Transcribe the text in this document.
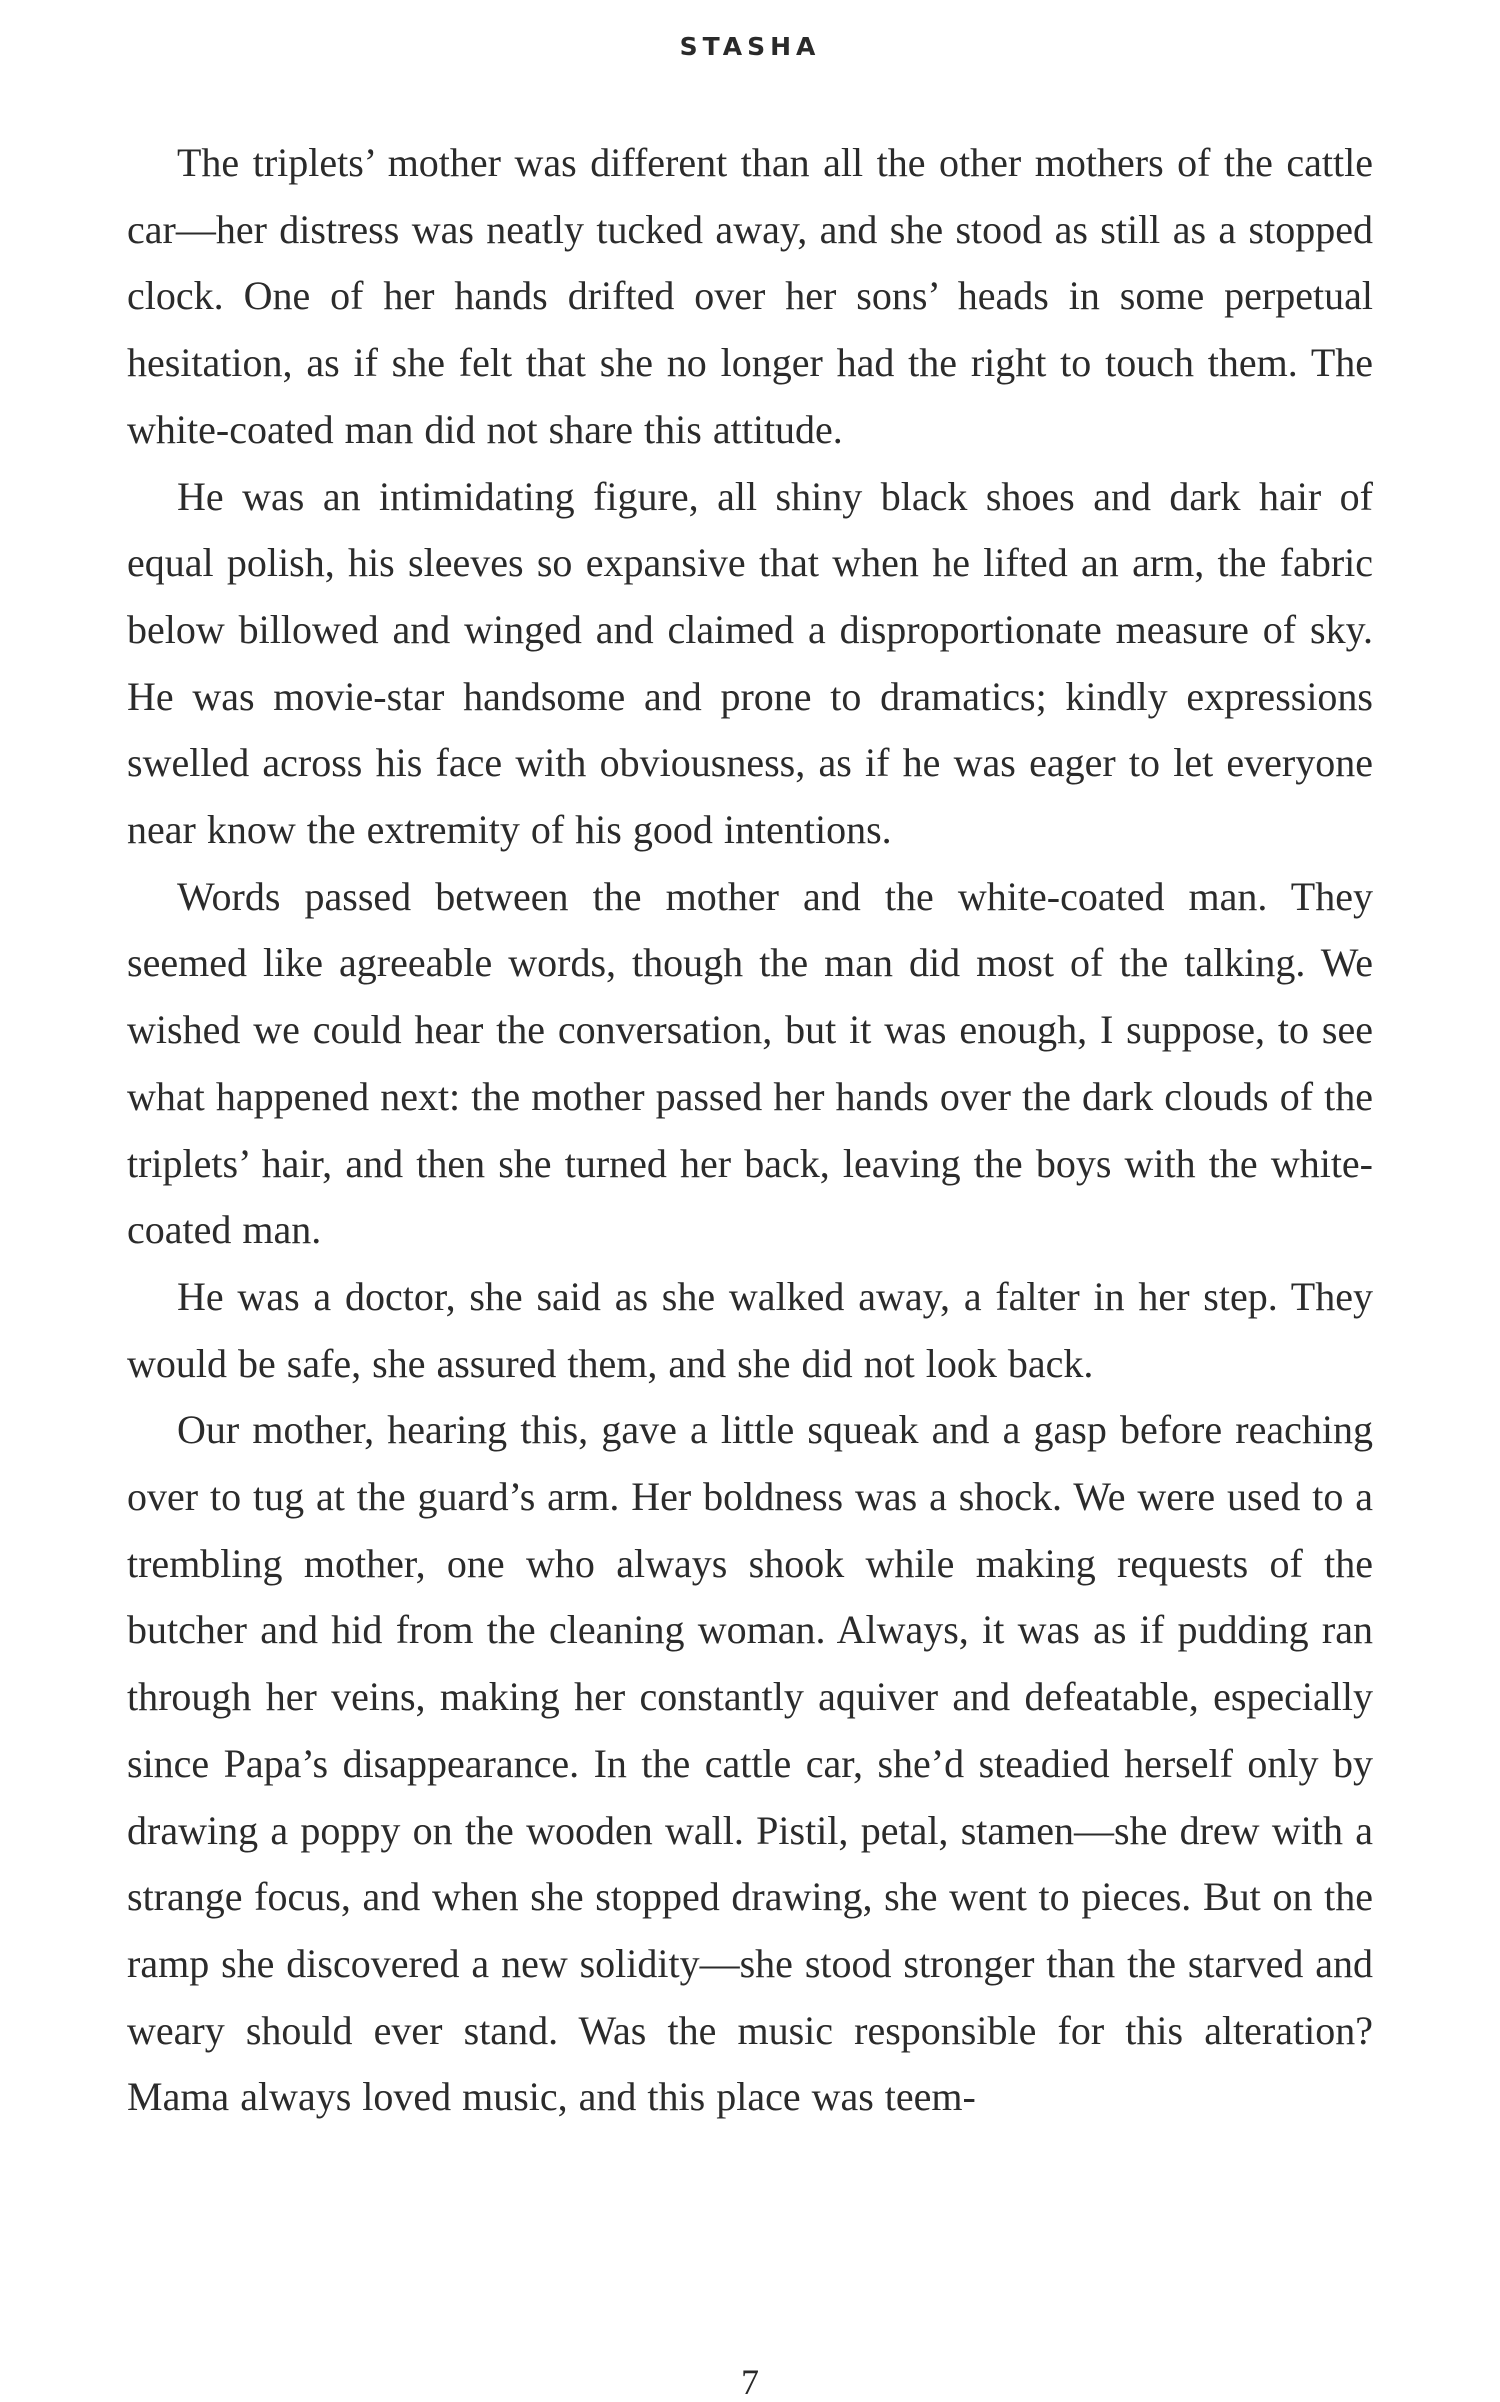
STASHA

The triplets’ mother was different than all the other mothers of the cattle car—her distress was neatly tucked away, and she stood as still as a stopped clock. One of her hands drifted over her sons’ heads in some perpetual hesitation, as if she felt that she no longer had the right to touch them. The white-coated man did not share this attitude.

He was an intimidating figure, all shiny black shoes and dark hair of equal polish, his sleeves so expansive that when he lifted an arm, the fabric below billowed and winged and claimed a disproportionate measure of sky. He was movie-star handsome and prone to dramatics; kindly expressions swelled across his face with obviousness, as if he was eager to let everyone near know the extremity of his good intentions.

Words passed between the mother and the white-coated man. They seemed like agreeable words, though the man did most of the talking. We wished we could hear the conversation, but it was enough, I suppose, to see what happened next: the mother passed her hands over the dark clouds of the triplets’ hair, and then she turned her back, leaving the boys with the white-coated man.

He was a doctor, she said as she walked away, a falter in her step. They would be safe, she assured them, and she did not look back.

Our mother, hearing this, gave a little squeak and a gasp before reaching over to tug at the guard’s arm. Her boldness was a shock. We were used to a trembling mother, one who always shook while making requests of the butcher and hid from the cleaning woman. Always, it was as if pudding ran through her veins, making her constantly aquiver and defeatable, especially since Papa’s disappearance. In the cattle car, she’d steadied herself only by drawing a poppy on the wooden wall. Pistil, petal, stamen—she drew with a strange focus, and when she stopped drawing, she went to pieces. But on the ramp she discovered a new solidity—she stood stronger than the starved and weary should ever stand. Was the music responsible for this alteration? Mama always loved music, and this place was teem-

7
